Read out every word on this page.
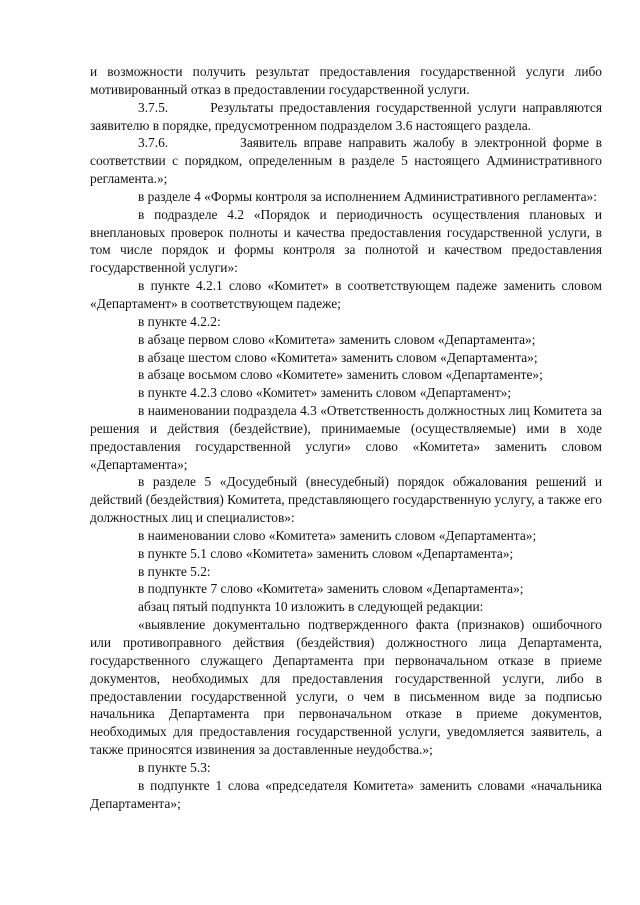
и возможности получить результат предоставления государственной услуги либо мотивированный отказ в предоставлении государственной услуги.

3.7.5.       Результаты предоставления государственной услуги направляются заявителю в порядке, предусмотренном подразделом 3.6 настоящего раздела.

3.7.6.           Заявитель вправе направить жалобу в электронной форме в соответствии с порядком, определенным в разделе 5 настоящего Административного регламента.»;

в разделе 4 «Формы контроля за исполнением Административного регламента»:

в подразделе 4.2 «Порядок и периодичность осуществления плановых и внеплановых проверок полноты и качества предоставления государственной услуги, в том числе порядок и формы контроля за полнотой и качеством предоставления государственной услуги»:

в пункте 4.2.1 слово «Комитет» в соответствующем падеже заменить словом «Департамент» в соответствующем падеже;

в пункте 4.2.2:

в абзаце первом слово «Комитета» заменить словом «Департамента»;

в абзаце шестом слово «Комитета» заменить словом «Департамента»;

в абзаце восьмом слово «Комитете» заменить словом «Департаменте»;

в пункте 4.2.3 слово «Комитет» заменить словом «Департамент»;

в наименовании подраздела 4.3 «Ответственность должностных лиц Комитета за решения и действия (бездействие), принимаемые (осуществляемые) ими в ходе предоставления государственной услуги» слово «Комитета» заменить словом «Департамента»;

в разделе 5 «Досудебный (внесудебный) порядок обжалования решений и действий (бездействия) Комитета, представляющего государственную услугу, а также его должностных лиц и специалистов»:

в наименовании слово «Комитета» заменить словом «Департамента»;

в пункте 5.1 слово «Комитета» заменить словом «Департамента»;

в пункте 5.2:

в подпункте 7 слово «Комитета» заменить словом «Департамента»;

абзац пятый подпункта 10 изложить в следующей редакции:

«выявление документально подтвержденного факта (признаков) ошибочного или противоправного действия (бездействия) должностного лица Департамента, государственного служащего Департамента при первоначальном отказе в приеме документов, необходимых для предоставления государственной услуги, либо в предоставлении государственной услуги, о чем в письменном виде за подписью начальника Департамента при первоначальном отказе в приеме документов, необходимых для предоставления государственной услуги, уведомляется заявитель, а также приносятся извинения за доставленные неудобства.»;

в пункте 5.3:

в подпункте 1 слова «председателя Комитета» заменить словами «начальника Департамента»;
